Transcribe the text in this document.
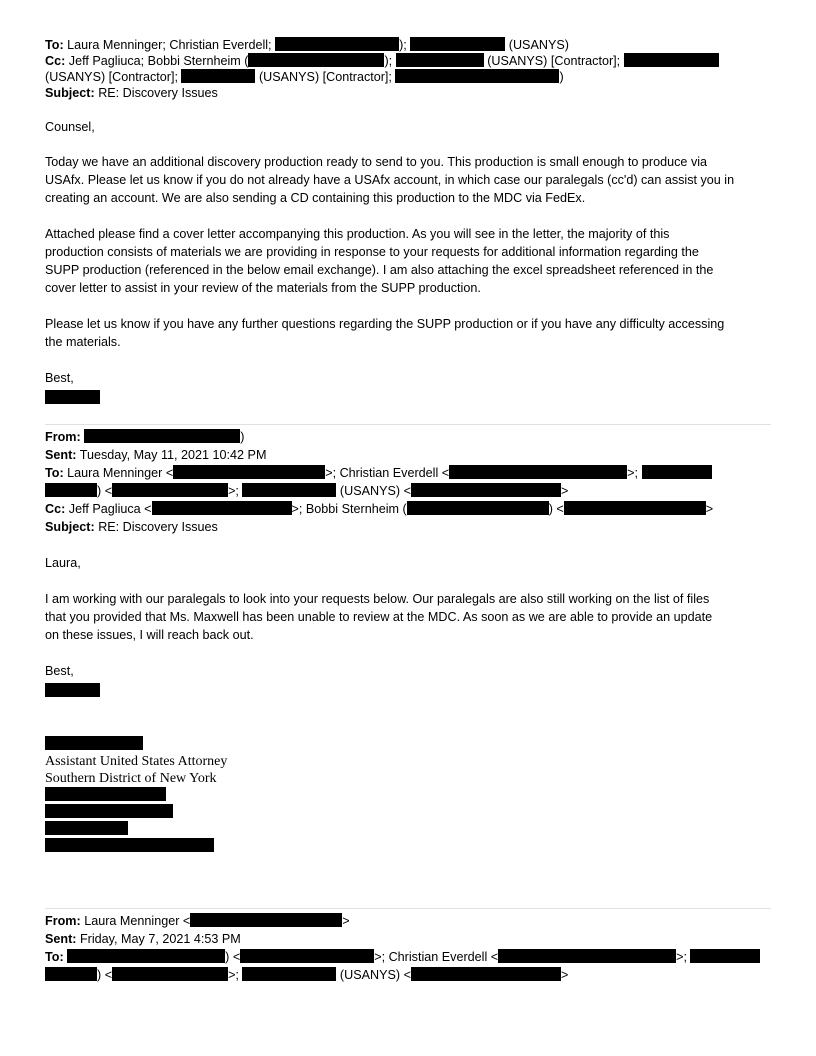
To: Laura Menninger; Christian Everdell;	);	(USANYS)
Cc: Jeff Pagliuca; Bobbi Sternheim (	);	(USANYS) [Contractor];
(USANYS) [Contractor];	(USANYS) [Contractor];	)
Subject: RE: Discovery Issues
Counsel,
Today we have an additional discovery production ready to send to you. This production is small enough to produce via
USAfx. Please let us know if you do not already have a USAfx account, in which case our paralegals (cc'd) can assist you in
creating an account. We are also sending a CD containing this production to the MDC via FedEx.
Attached please find a cover letter accompanying this production. As you will see in the letter, the majority of this
production consists of materials we are providing in response to your requests for additional information regarding the
SUPP production (referenced in the below email exchange). I am also attaching the excel spreadsheet referenced in the
cover letter to assist in your review of the materials from the SUPP production.
Please let us know if you have any further questions regarding the SUPP production or if you have any difficulty accessing
the materials.
Best,
From:	)
Sent: Tuesday, May 11, 2021 10:42 PM
To: Laura Menninger <	>; Christian Everdell <	>;
) <	>;	(USANYS) <	>
Cc: Jeff Pagliuca <	>; Bobbi Sternheim (	) <	>
Subject: RE: Discovery Issues
Laura,
I am working with our paralegals to look into your requests below. Our paralegals are also still working on the list of files
that you provided that Ms. Maxwell has been unable to review at the MDC. As soon as we are able to provide an update
on these issues, I will reach back out.
Best,
Assistant United States Attorney
Southern District of New York
From: Laura Menninger <	>
Sent: Friday, May 7, 2021 4:53 PM
To:	) <	>; Christian Everdell <	>;
) <	>;	(USANYS) <	>
